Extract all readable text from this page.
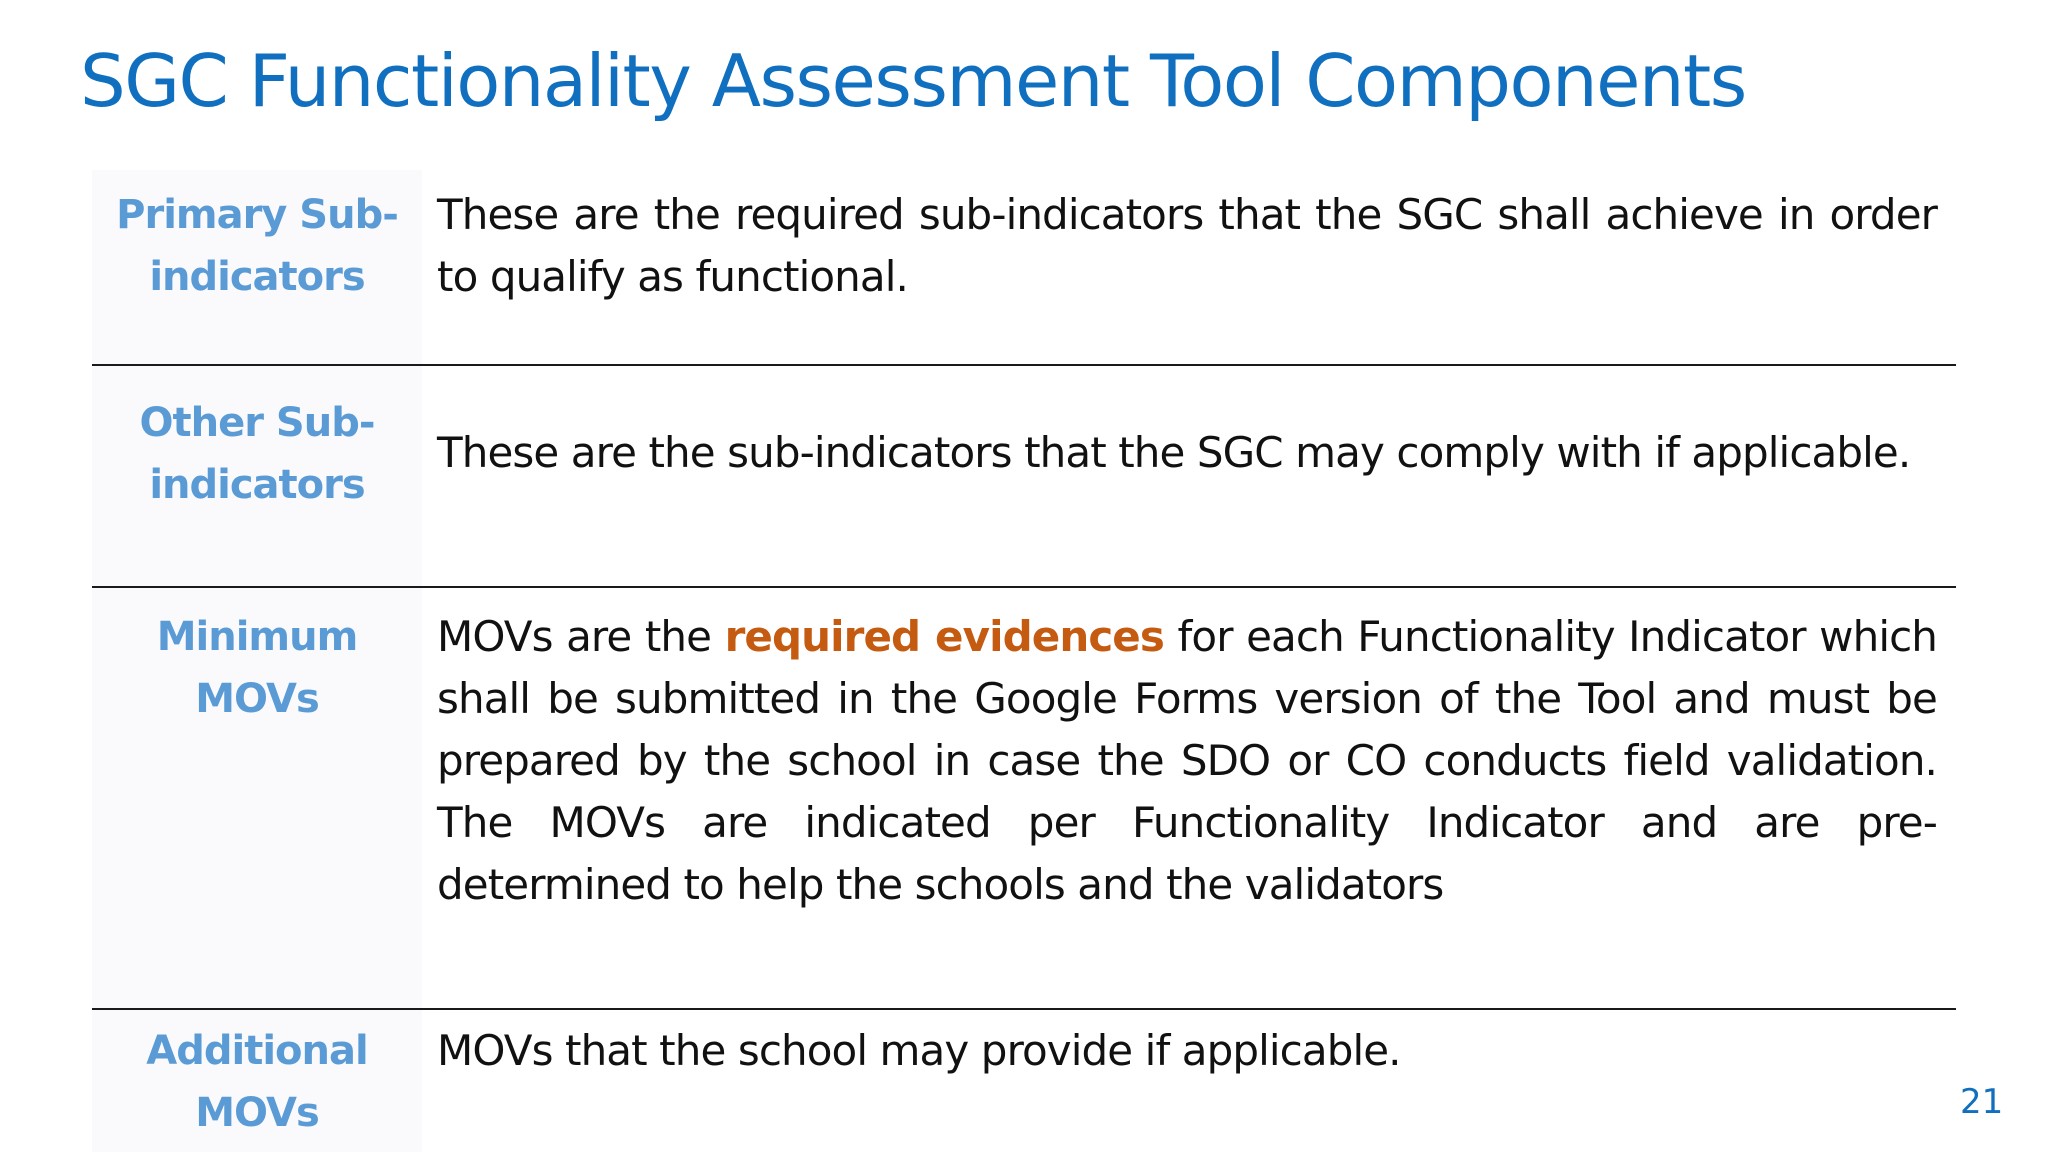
SGC Functionality Assessment Tool Components
Primary Sub-
indicators

These are the required sub-indicators that the SGC shall achieve in order to qualify as functional.

Other Sub-
indicators

These are the sub-indicators that the SGC may comply with if applicable.

Minimum
MOVs

MOVs are the required evidences for each Functionality Indicator which shall be submitted in the Google Forms version of the Tool and must be prepared by the school in case the SDO or CO conducts field validation. The MOVs are indicated per Functionality Indicator and are pre-determined to help the schools and the validators

Additional
MOVs

MOVs that the school may provide if applicable.

21
